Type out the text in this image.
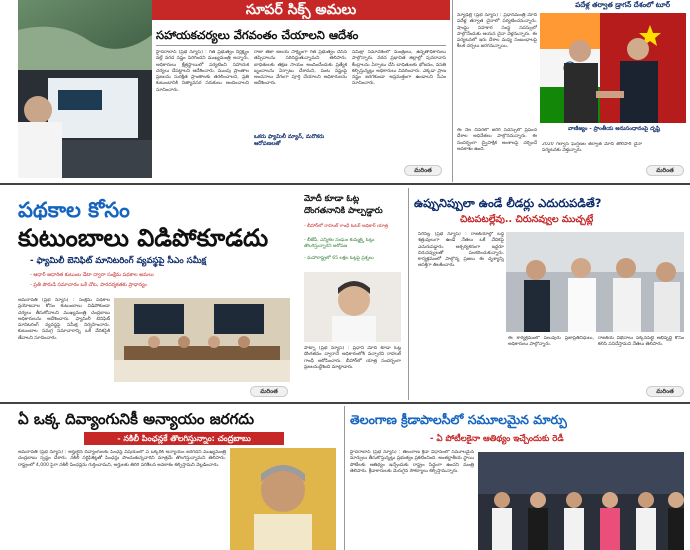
సూపర్ సిక్స్ అమలు
సహాయకచర్యలు వేగవంతం చేయాలని ఆదేశం
హైదరాబాద్ (ప్రభ న్యూస్) : గత ప్రభుత్వం నిర్లక్ష్యం వల్లే వరద నష్టం పెరిగిందని ముఖ్యమంత్రి అన్నారు. అధికారులు క్షేత్రస్థాయిలో పర్యటించి సహాయక చర్యలు చేపట్టాలని ఆదేశించారు. ముంపు ప్రాంతాల ప్రజలను సురక్షిత ప్రాంతాలకు తరలించాలని, ప్రతి కుటుంబానికి నిత్యావసర సరుకులు అందించాలని సూచించారు.
రాజా తేజా ఆలయ సాక్ష్యంగా గత ప్రభుత్వం చేసిన తప్పిదాలను సరిదిద్దుతున్నామని తెలిపారు. బాధితులకు తక్షణ సాయం అందించేందుకు ప్రత్యేక బృందాలను ఏర్పాటు చేశామని, పంట నష్టంపై అంచనాలు వేగంగా పూర్తి చేయాలని అధికారులను ఆదేశించారు.
ఒకరు ఫ్యామిలీ మ్యాన్, మరొకరు ఆరోపణలతో
సమీక్షా సమావేశంలో మంత్రులు, ఉన్నతాధికారులు పాల్గొన్నారు. వరద ప్రభావిత జిల్లాల్లో పునరావాస కేంద్రాలను ఏర్పాటు చేసి బాధితులకు భోజనం, వసతి కల్పిస్తున్నట్లు అధికారులు వివరించారు. ఎక్కడా ప్రాణ నష్టం జరగకుండా అప్రమత్తంగా ఉండాలని సీఎం సూచించారు.
మరింత
పదేళ్ల తర్వాత డ్రాగన్ దేశంలో టూర్
న్యూఢిల్లీ (ప్రభ న్యూస్) : ప్రధానమంత్రి మోదీ పదేళ్ల తర్వాత చైనాలో పర్యటించనున్నారు. షాంఘై సహకార సంస్థ సదస్సులో పాల్గొనేందుకు ఆయన చైనా వెళ్లనున్నారు. ఈ పర్యటనలో ఇరు దేశాల మధ్య సంబంధాలపై కీలక చర్చలు జరగనున్నాయి.
ఈ నెల చివరలో జరిగే సదస్సులో ప్రపంచ దేశాల అధినేతలు పాల్గొననున్నారు. ఈ సందర్భంగా ద్వైపాక్షిక అంశాలపై చర్చించే అవకాశం ఉంది.
వాణిజ్యం - ప్రాంతీయ అనుసంధానంపై దృష్టి
2020 గల్వాన్ ఘర్షణల తర్వాత మోదీ తొలిసారి చైనా పర్యటనకు వెళ్తున్నారు.
మరింత
పథకాల కోసం
కుటుంబాలు విడిపోకూడదు
- ఫ్యామిలీ బెనిఫిట్ మానిటరింగ్ వ్యవస్థపై సీఎం సమీక్ష
- ఆధార్ ఆధారిత కుటుంబ డేటా ద్వారా సంక్షేమ పథకాల అమలు
- ప్రతి పౌరుడి సమాచారం ఒకే చోట, పారదర్శకతకు ప్రాధాన్యం
అమరావతి (ప్రభ న్యూస్) : సంక్షేమ పథకాల ప్రయోజనాల కోసం కుటుంబాలు విడిపోకుండా చర్యలు తీసుకోవాలని ముఖ్యమంత్రి చంద్రబాబు అధికారులను ఆదేశించారు. ఫ్యామిలీ బెనిఫిట్ మానిటరింగ్ వ్యవస్థపై సమీక్ష నిర్వహించారు. కుటుంబాల సమగ్ర సమాచారాన్ని ఒకే వేదికపైకి తేవాలని సూచించారు.
మరింత
మోదీ కూడా ఓట్ల
దొంగతనానికి పాల్పడ్డారు
- బీహార్‌లో రాహుల్ గాంధీ ఓటర్ అధికార్ యాత్ర
- బీజేపీ, ఎన్నికల సంఘం కుమ్మక్కై ఓట్లు తొలగిస్తున్నారని ఆరోపణ
- మహారాష్ట్రలో 65 లక్షల ఓట్లపై ప్రశ్నలు
పాట్నా (ప్రభ న్యూస్) : ప్రధాని మోదీ కూడా ఓట్ల దొంగతనం ద్వారానే అధికారంలోకి వచ్చారని రాహుల్ గాంధీ ఆరోపించారు. బీహార్‌లో యాత్ర సందర్భంగా ప్రజలనుద్దేశించి మాట్లాడారు.
ఉప్పునిప్పులా ఉండే లీడర్లు ఎదురుపడితే?
చిటపటల్లేవు.. చిరునవ్వుల ముచ్చట్లే
సిరిసిల్ల (ప్రభ న్యూస్) : రాజకీయాల్లో బద్ధ శత్రువులుగా ఉండే నేతలు ఒకే వేదికపై ఎదురుపడ్డారు. ఆశ్చర్యకరంగా ఇద్దరూ చిరునవ్వులతో పలకరించుకున్నారు. కార్యక్రమంలో పాల్గొన్న ప్రజలు ఈ దృశ్యాన్ని ఆసక్తిగా తిలకించారు.
ఈ కార్యక్రమంలో పలువురు ప్రజాప్రతినిధులు, అధికారులు పాల్గొన్నారు.
రాజకీయ విభేదాలు పక్కనపెట్టి అభివృద్ధి కోసం కలిసి పనిచేస్తామని నేతలు తెలిపారు.
మరింత
ఏ ఒక్క దివ్యాంగునికీ అన్యాయం జరగదు
- నకిలీ పింఛన్లకే తొలగిస్తున్నాం: చంద్రబాబు
అమరావతి (ప్రభ న్యూస్) : అర్హులైన దివ్యాంగులకు పింఛన్ల విషయంలో ఏ ఒక్కరికీ అన్యాయం జరగదని ముఖ్యమంత్రి చంద్రబాబు స్పష్టం చేశారు. నకిలీ సర్టిఫికెట్లతో పింఛన్లు పొందుతున్నవారిని మాత్రమే తొలగిస్తున్నామని తెలిపారు. రాష్ట్రంలో 4,000 పైగా నకిలీ పింఛన్లను గుర్తించామని, అర్హులకు తిరిగి పరిశీలన అవకాశం కల్పిస్తామని వెల్లడించారు.
తెలంగాణ క్రీడాపాలసీలో సమూలమైన మార్పు
- ఏ పోటీలకైనా ఆతిథ్యం ఇచ్చేందుకు రెడీ
హైదరాబాద్ (ప్రభ న్యూస్) : తెలంగాణ క్రీడా విధానంలో సమూలమైన మార్పులు తీసుకొస్తున్నట్లు ప్రభుత్వం ప్రకటించింది. అంతర్జాతీయ స్థాయి పోటీలకు ఆతిథ్యం ఇచ్చేందుకు రాష్ట్రం సిద్ధంగా ఉందని మంత్రి తెలిపారు. క్రీడాకారులకు మెరుగైన సౌకర్యాలు కల్పిస్తామన్నారు.
